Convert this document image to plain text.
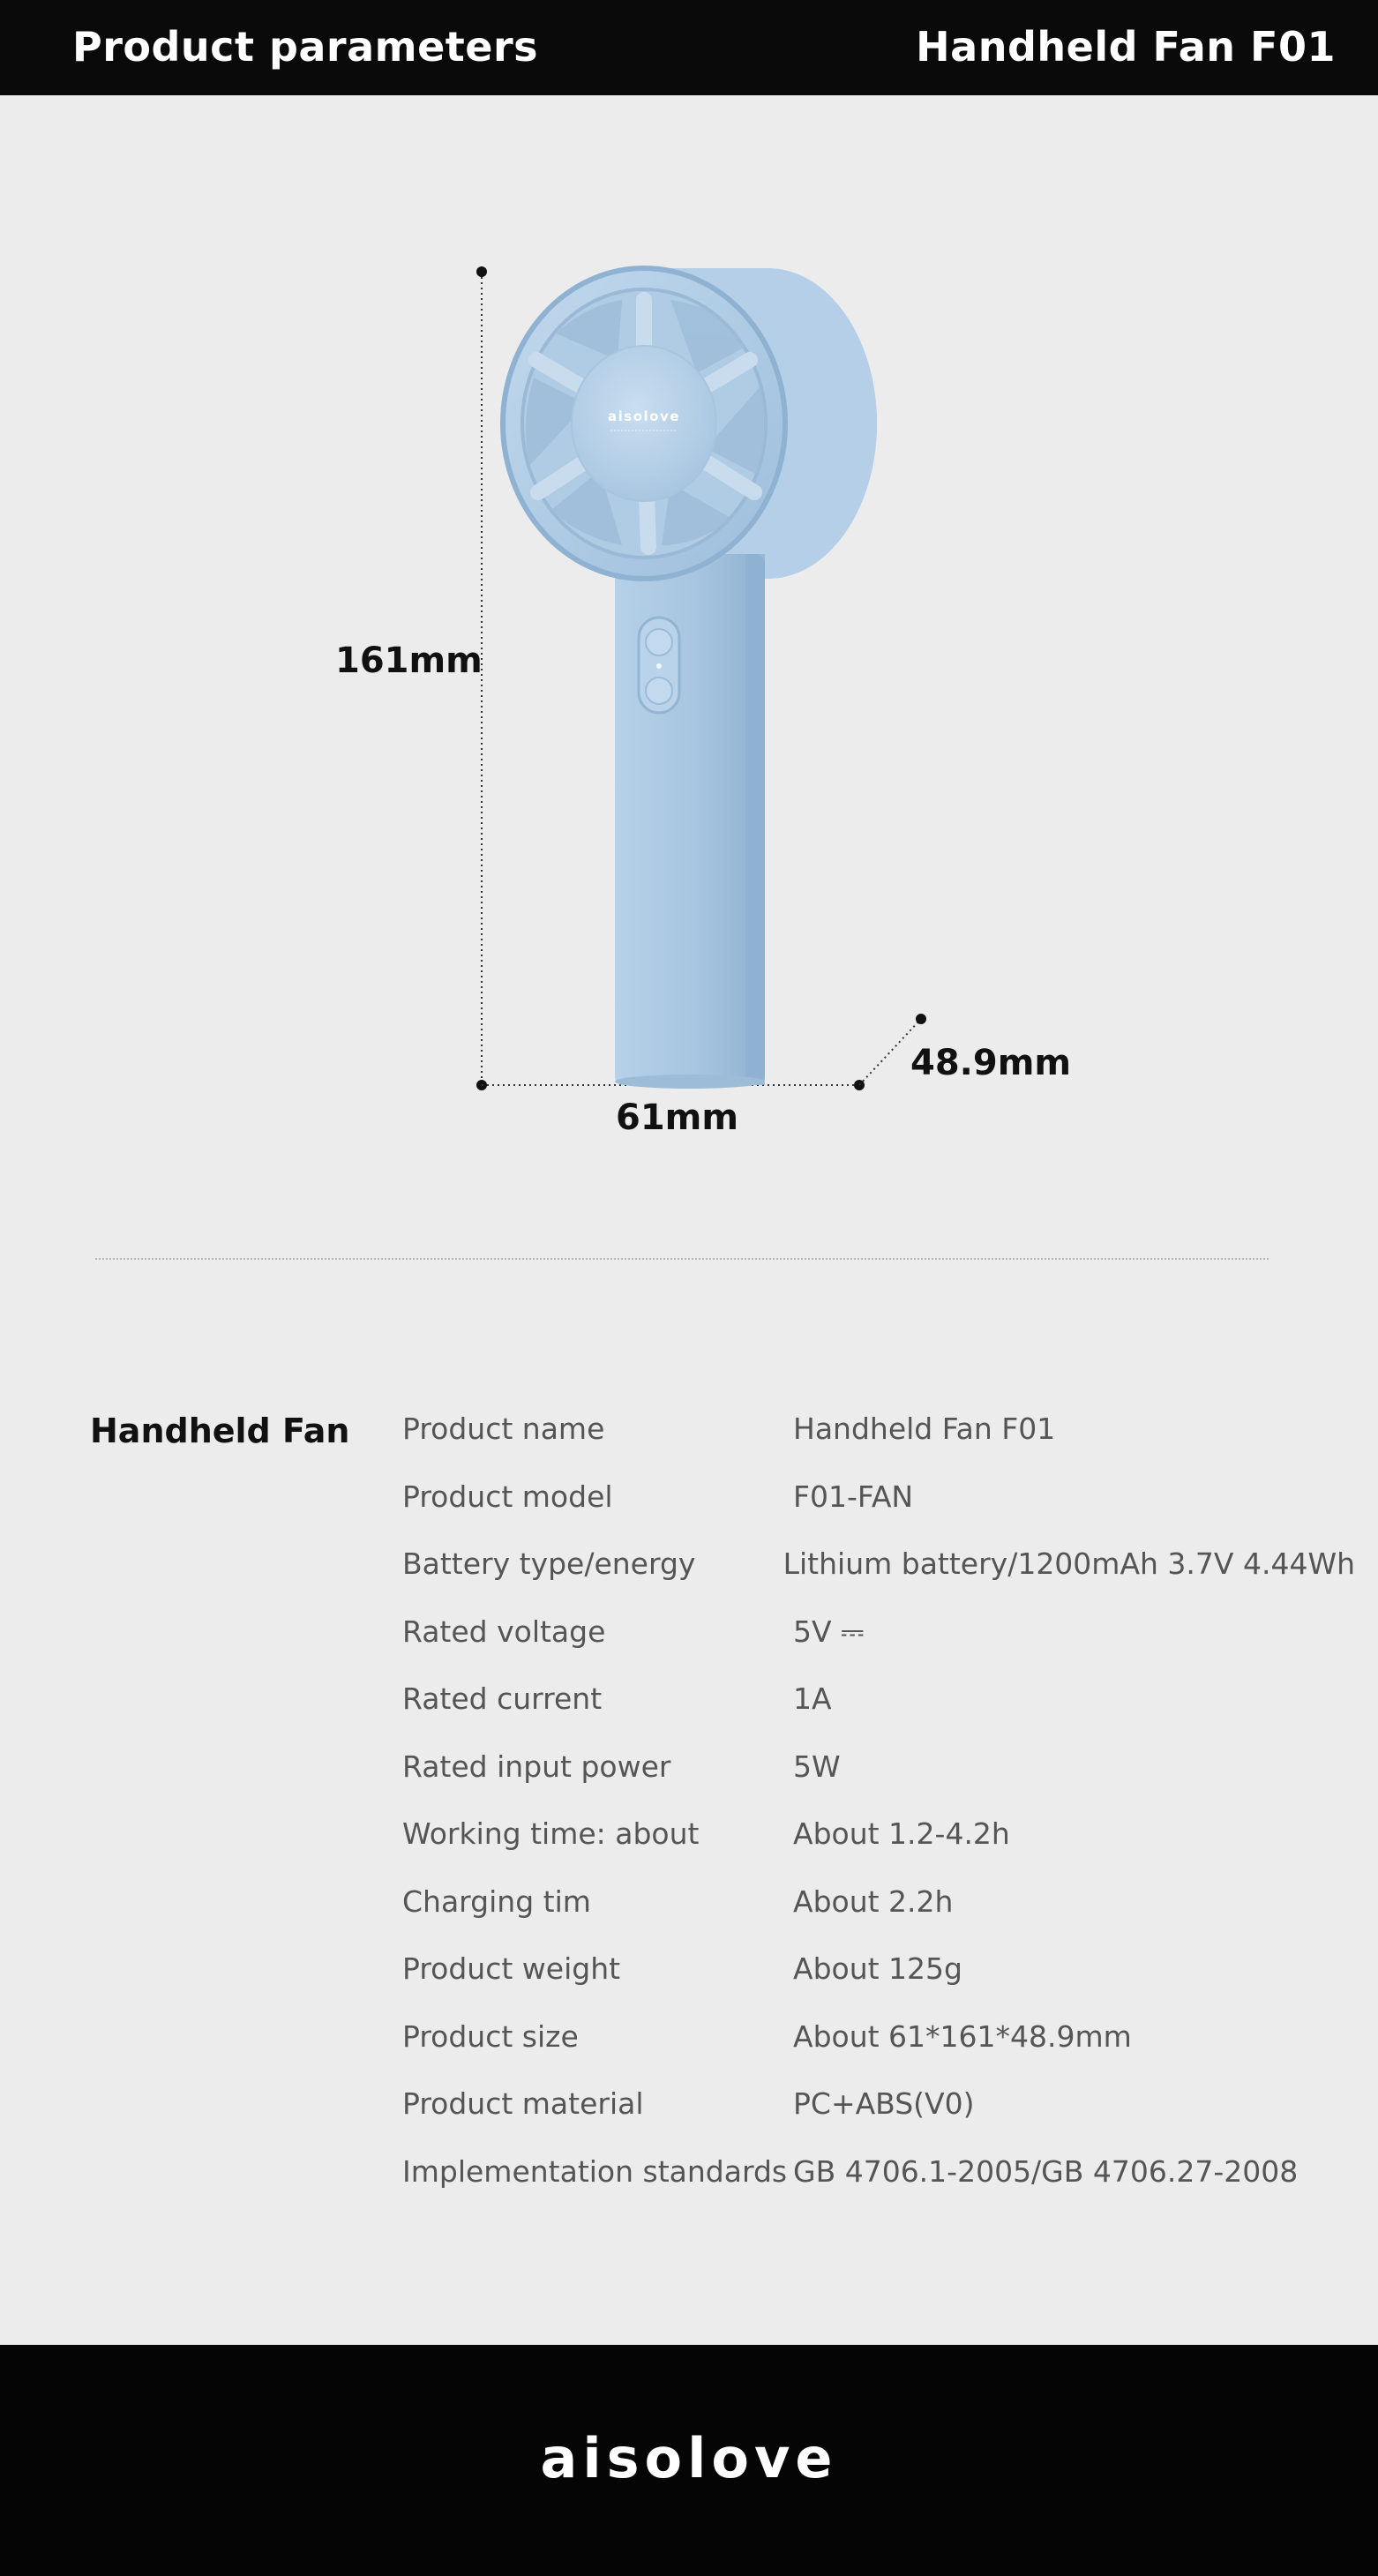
Product parameters	Handheld Fan F01
aisolove
161mm
61mm
48.9mm
Handheld Fan Product name	Handheld Fan F01
Product model	F01-FAN
Battery type/energy	Lithium battery/1200mAh 3.7V 4.44Wh
Rated voltage	5V ⎓
Rated current	1A
Rated input power	5W
Working time: about	About 1.2-4.2h
Charging tim	About 2.2h
Product weight	About 125g
Product size	About 61*161*48.9mm
Product material	PC+ABS(V0)
Implementation standards GB 4706.1-2005/GB 4706.27-2008
aisolove
